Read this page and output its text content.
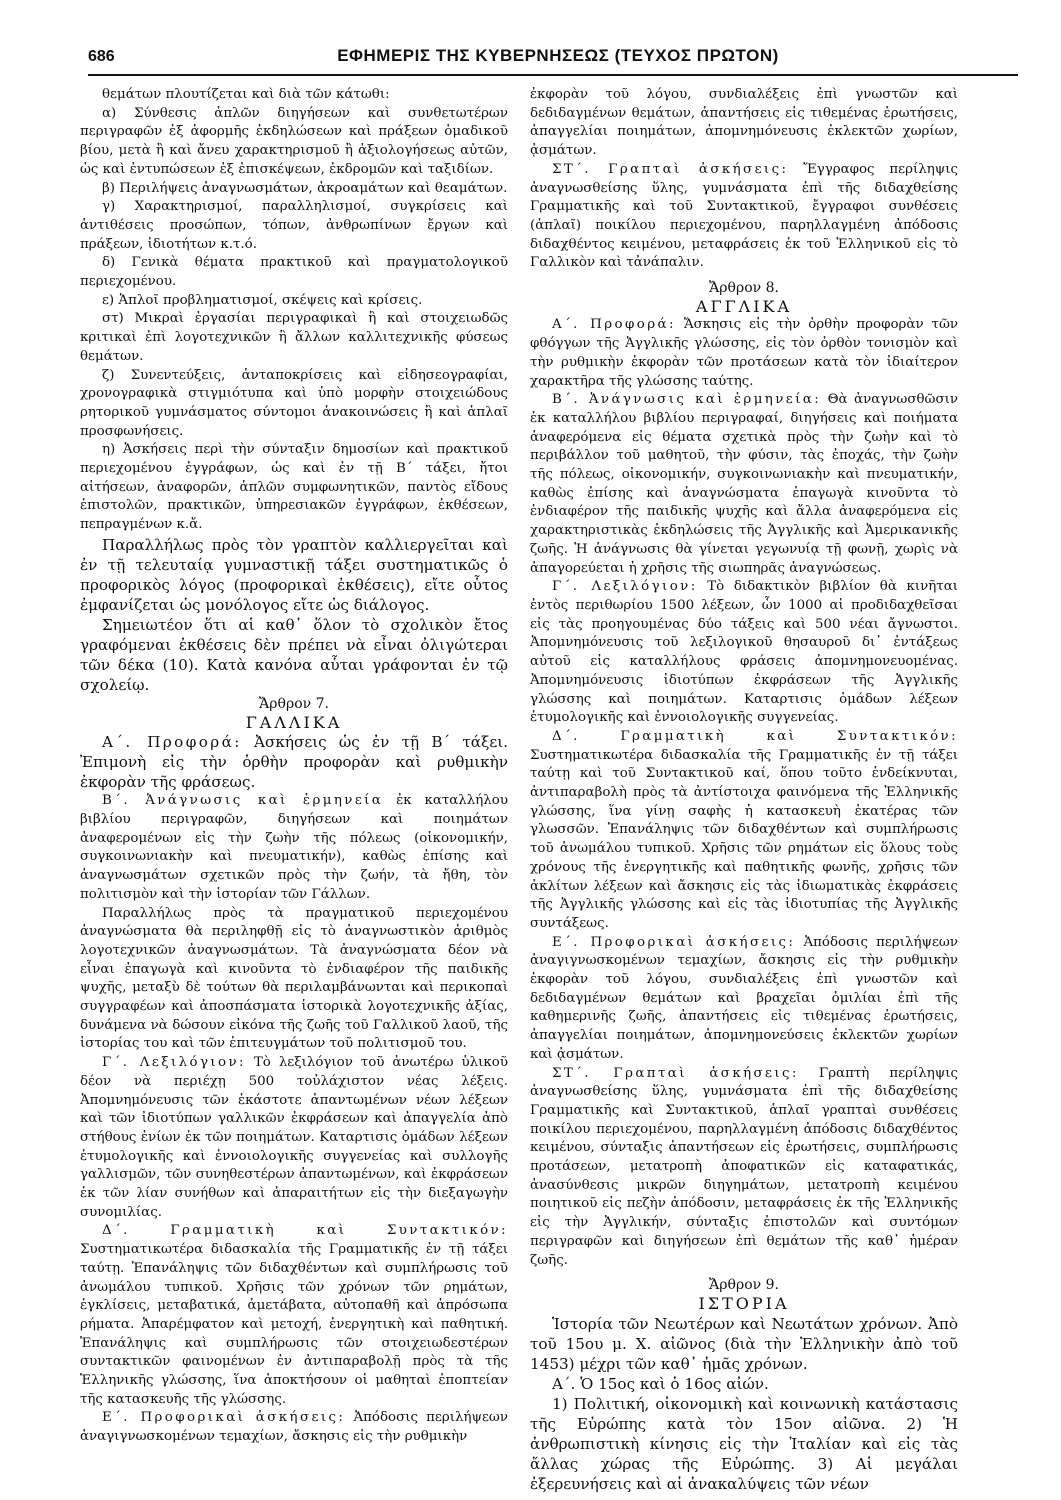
686	ΕΦΗΜΕΡΙΣ ΤΗΣ ΚΥΒΕΡΝΗΣΕΩΣ (ΤΕΥΧΟΣ ΠΡΩΤΟΝ)

θεμάτων πλουτίζεται καὶ διὰ τῶν κάτωθι:

α) Σύνθεσις ἁπλῶν διηγήσεων καὶ συνθετωτέρων περιγραφῶν ἐξ ἀφορμῆς ἐκδηλώσεων καὶ πράξεων ὁμαδικοῦ βίου, μετὰ ἢ καὶ ἄνευ χαρακτηρισμοῦ ἢ ἀξιολογήσεως αὐτῶν, ὡς καὶ ἐντυπώσεων ἐξ ἐπισκέψεων, ἐκδρομῶν καὶ ταξιδίων.

β) Περιλήψεις ἀναγνωσμάτων, ἀκροαμάτων καὶ θεαμάτων.

γ) Χαρακτηρισμοί, παραλληλισμοί, συγκρίσεις καὶ ἀντιθέσεις προσώπων, τόπων, ἀνθρωπίνων ἔργων καὶ πράξεων, ἰδιοτήτων κ.τ.ό.

δ) Γενικὰ θέματα πρακτικοῦ καὶ πραγματολογικοῦ περιεχομένου.

ε) Ἁπλοῖ προβληματισμοί, σκέψεις καὶ κρίσεις.

στ) Μικραὶ ἐργασίαι περιγραφικαὶ ἢ καὶ στοιχειωδῶς κριτικαὶ ἐπὶ λογοτεχνικῶν ἢ ἄλλων καλλιτεχνικῆς φύσεως θεμάτων.

ζ) Συνεντεύξεις, ἀνταποκρίσεις καὶ εἰδησεογραφίαι, χρονογραφικὰ στιγμιότυπα καὶ ὑπὸ μορφὴν στοιχειώδους ρητορικοῦ γυμνάσματος σύντομοι ἀνακοινώσεις ἢ καὶ ἁπλαῖ προσφωνήσεις.

η) Ἀσκήσεις περὶ τὴν σύνταξιν δημοσίων καὶ πρακτικοῦ περιεχομένου ἐγγράφων, ὡς καὶ ἐν τῇ Β΄ τάξει, ἤτοι αἰτήσεων, ἀναφορῶν, ἁπλῶν συμφωνητικῶν, παντὸς εἴδους ἐπιστολῶν, πρακτικῶν, ὑπηρεσιακῶν ἐγγράφων, ἐκθέσεων, πεπραγμένων κ.ἄ.

Παραλλήλως πρὸς τὸν γραπτὸν καλλιεργεῖται καὶ ἐν τῇ τελευταίᾳ γυμναστικῇ τάξει συστηματικῶς ὁ προφορικὸς λόγος (προφορικαὶ ἐκθέσεις), εἴτε οὗτος ἐμφανίζεται ὡς μονόλογος εἴτε ὡς διάλογος.

Σημειωτέον ὅτι αἱ καθ᾽ ὅλον τὸ σχολικὸν ἔτος γραφόμεναι ἐκθέσεις δὲν πρέπει νὰ εἶναι ὀλιγώτεραι τῶν δέκα (10). Κατὰ κανόνα αὗται γράφονται ἐν τῷ σχολείῳ.

Ἄρθρον 7.

ΓΑΛΛΙΚΑ

Α΄. Προφορά: Ἀσκήσεις ὡς ἐν τῇ Β΄ τάξει. Ἐπιμονὴ εἰς τὴν ὀρθὴν προφορὰν καὶ ρυθμικὴν ἐκφορὰν τῆς φράσεως.

Β΄. Ἀνάγνωσις καὶ ἑρμηνεία ἐκ καταλλήλου βιβλίου περιγραφῶν, διηγήσεων καὶ ποιημάτων ἀναφερομένων εἰς τὴν ζωὴν τῆς πόλεως (οἰκονομικήν, συγκοινωνιακὴν καὶ πνευματικήν), καθὼς ἐπίσης καὶ ἀναγνωσμάτων σχετικῶν πρὸς τὴν ζωήν, τὰ ἤθη, τὸν πολιτισμὸν καὶ τὴν ἱστορίαν τῶν Γάλλων.

Παραλλήλως πρὸς τὰ πραγματικοῦ περιεχομένου ἀναγνώσματα θὰ περιληφθῇ εἰς τὸ ἀναγνωστικὸν ἀριθμὸς λογοτεχνικῶν ἀναγνωσμάτων. Τὰ ἀναγνώσματα δέον νὰ εἶναι ἐπαγωγὰ καὶ κινοῦντα τὸ ἐνδιαφέρον τῆς παιδικῆς ψυχῆς, μεταξὺ δὲ τούτων θὰ περιλαμβάνωνται καὶ περικοπαὶ συγγραφέων καὶ ἀποσπάσματα ἱστορικὰ λογοτεχνικῆς ἀξίας, δυνάμενα νὰ δώσουν εἰκόνα τῆς ζωῆς τοῦ Γαλλικοῦ λαοῦ, τῆς ἱστορίας του καὶ τῶν ἐπιτευγμάτων τοῦ πολιτισμοῦ του.

Γ΄. Λεξιλόγιον: Τὸ λεξιλόγιον τοῦ ἀνωτέρω ὑλικοῦ δέον νὰ περιέχῃ 500 τοὐλάχιστον νέας λέξεις. Ἀπομνημόνευσις τῶν ἑκάστοτε ἀπαντωμένων νέων λέξεων καὶ τῶν ἰδιοτύπων γαλλικῶν ἐκφράσεων καὶ ἀπαγγελία ἀπὸ στήθους ἐνίων ἐκ τῶν ποιημάτων. Καταρτισις ὁμάδων λέξεων ἐτυμολογικῆς καὶ ἐννοιολογικῆς συγγενείας καὶ συλλογῆς γαλλισμῶν, τῶν συνηθεστέρων ἀπαντωμένων, καὶ ἐκφράσεων ἐκ τῶν λίαν συνήθων καὶ ἀπαραιτήτων εἰς τὴν διεξαγωγὴν συνομιλίας.

Δ΄. Γραμματικὴ καὶ Συντακτικόν: Συστηματικωτέρα διδασκαλία τῆς Γραμματικῆς ἐν τῇ τάξει ταύτῃ. Ἐπανάληψις τῶν διδαχθέντων καὶ συμπλήρωσις τοῦ ἀνωμάλου τυπικοῦ. Χρῆσις τῶν χρόνων τῶν ρημάτων, ἐγκλίσεις, μεταβατικά, ἀμετάβατα, αὐτοπαθῆ καὶ ἀπρόσωπα ρήματα. Ἀπαρέμφατον καὶ μετοχή, ἐνεργητικὴ καὶ παθητική. Ἐπανάληψις καὶ συμπλήρωσις τῶν στοιχειωδεστέρων συντακτικῶν φαινομένων ἐν ἀντιπαραβολῇ πρὸς τὰ τῆς Ἑλληνικῆς γλώσσης, ἵνα ἀποκτήσουν οἱ μαθηταὶ ἐποπτείαν τῆς κατασκευῆς τῆς γλώσσης.

Ε΄. Προφορικαὶ ἀσκήσεις: Ἀπόδοσις περιλήψεων ἀναγιγνωσκομένων τεμαχίων, ἄσκησις εἰς τὴν ρυθμικὴν

ἐκφορὰν τοῦ λόγου, συνδιαλέξεις ἐπὶ γνωστῶν καὶ δεδιδαγμένων θεμάτων, ἀπαντήσεις εἰς τιθεμένας ἐρωτήσεις, ἀπαγγελίαι ποιημάτων, ἀπομνημόνευσις ἐκλεκτῶν χωρίων, ᾀσμάτων.

ΣΤ΄. Γραπταὶ ἀσκήσεις: Ἔγγραφος περίληψις ἀναγνωσθείσης ὕλης, γυμνάσματα ἐπὶ τῆς διδαχθείσης Γραμματικῆς καὶ τοῦ Συντακτικοῦ, ἔγγραφοι συνθέσεις (ἁπλαῖ) ποικίλου περιεχομένου, παρηλλαγμένη ἀπόδοσις διδαχθέντος κειμένου, μεταφράσεις ἐκ τοῦ Ἑλληνικοῦ εἰς τὸ Γαλλικὸν καὶ τἀνάπαλιν.

Ἄρθρον 8.

ΑΓΓΛΙΚΑ

Α΄. Προφορά: Ἄσκησις εἰς τὴν ὀρθὴν προφορὰν τῶν φθόγγων τῆς Ἀγγλικῆς γλώσσης, εἰς τὸν ὀρθὸν τονισμὸν καὶ τὴν ρυθμικὴν ἐκφορὰν τῶν προτάσεων κατὰ τὸν ἰδιαίτερον χαρακτῆρα τῆς γλώσσης ταύτης.

Β΄. Ἀνάγνωσις καὶ ἑρμηνεία: Θὰ ἀναγνωσθῶσιν ἐκ καταλλήλου βιβλίου περιγραφαί, διηγήσεις καὶ ποιήματα ἀναφερόμενα εἰς θέματα σχετικὰ πρὸς τὴν ζωὴν καὶ τὸ περιβάλλον τοῦ μαθητοῦ, τὴν φύσιν, τὰς ἐποχάς, τὴν ζωὴν τῆς πόλεως, οἰκονομικήν, συγκοινωνιακὴν καὶ πνευματικήν, καθὼς ἐπίσης καὶ ἀναγνώσματα ἐπαγωγὰ κινοῦντα τὸ ἐνδιαφέρον τῆς παιδικῆς ψυχῆς καὶ ἄλλα ἀναφερόμενα εἰς χαρακτηριστικὰς ἐκδηλώσεις τῆς Ἀγγλικῆς καὶ Ἀμερικανικῆς ζωῆς. Ἡ ἀνάγνωσις θὰ γίνεται γεγωνυίᾳ τῇ φωνῇ, χωρὶς νὰ ἀπαγορεύεται ἡ χρῆσις τῆς σιωπηρᾶς ἀναγνώσεως.

Γ΄. Λεξιλόγιον: Τὸ διδακτικὸν βιβλίον θὰ κινῆται ἐντὸς περιθωρίου 1500 λέξεων, ὧν 1000 αἱ προδιδαχθεῖσαι εἰς τὰς προηγουμένας δύο τάξεις καὶ 500 νέαι ἄγνωστοι. Ἀπομνημόνευσις τοῦ λεξιλογικοῦ θησαυροῦ δι᾽ ἐντάξεως αὐτοῦ εἰς καταλλήλους φράσεις ἀπομνημονευομένας. Ἀπομνημόνευσις ἰδιοτύπων ἐκφράσεων τῆς Ἀγγλικῆς γλώσσης καὶ ποιημάτων. Καταρτισις ὁμάδων λέξεων ἐτυμολογικῆς καὶ ἐννοιολογικῆς συγγενείας.

Δ΄. Γραμματικὴ καὶ Συντακτικόν: Συστηματικωτέρα διδασκαλία τῆς Γραμματικῆς ἐν τῇ τάξει ταύτῃ καὶ τοῦ Συντακτικοῦ καί, ὅπου τοῦτο ἐνδείκνυται, ἀντιπαραβολὴ πρὸς τὰ ἀντίστοιχα φαινόμενα τῆς Ἑλληνικῆς γλώσσης, ἵνα γίνῃ σαφὴς ἡ κατασκευὴ ἑκατέρας τῶν γλωσσῶν. Ἐπανάληψις τῶν διδαχθέντων καὶ συμπλήρωσις τοῦ ἀνωμάλου τυπικοῦ. Χρῆσις τῶν ρημάτων εἰς ὅλους τοὺς χρόνους τῆς ἐνεργητικῆς καὶ παθητικῆς φωνῆς, χρῆσις τῶν ἀκλίτων λέξεων καὶ ἄσκησις εἰς τὰς ἰδιωματικὰς ἐκφράσεις τῆς Ἀγγλικῆς γλώσσης καὶ εἰς τὰς ἰδιοτυπίας τῆς Ἀγγλικῆς συντάξεως.

Ε΄. Προφορικαὶ ἀσκήσεις: Ἀπόδοσις περιλήψεων ἀναγιγνωσκομένων τεμαχίων, ἄσκησις εἰς τὴν ρυθμικὴν ἐκφορὰν τοῦ λόγου, συνδιαλέξεις ἐπὶ γνωστῶν καὶ δεδιδαγμένων θεμάτων καὶ βραχεῖαι ὁμιλίαι ἐπὶ τῆς καθημερινῆς ζωῆς, ἀπαντήσεις εἰς τιθεμένας ἐρωτήσεις, ἀπαγγελίαι ποιημάτων, ἀπομνημονεύσεις ἐκλεκτῶν χωρίων καὶ ᾀσμάτων.

ΣΤ΄. Γραπταὶ ἀσκήσεις: Γραπτὴ περίληψις ἀναγνωσθείσης ὕλης, γυμνάσματα ἐπὶ τῆς διδαχθείσης Γραμματικῆς καὶ Συντακτικοῦ, ἁπλαῖ γραπταὶ συνθέσεις ποικίλου περιεχομένου, παρηλλαγμένη ἀπόδοσις διδαχθέντος κειμένου, σύνταξις ἀπαντήσεων εἰς ἐρωτήσεις, συμπλήρωσις προτάσεων, μετατροπὴ ἀποφατικῶν εἰς καταφατικάς, ἀνασύνθεσις μικρῶν διηγημάτων, μετατροπὴ κειμένου ποιητικοῦ εἰς πεζὴν ἀπόδοσιν, μεταφράσεις ἐκ τῆς Ἑλληνικῆς εἰς τὴν Ἀγγλικήν, σύνταξις ἐπιστολῶν καὶ συντόμων περιγραφῶν καὶ διηγήσεων ἐπὶ θεμάτων τῆς καθ᾽ ἡμέραν ζωῆς.

Ἄρθρον 9.

ΙΣΤΟΡΙΑ

Ἱστορία τῶν Νεωτέρων καὶ Νεωτάτων χρόνων. Ἀπὸ τοῦ 15ου μ. Χ. αἰῶνος (διὰ τὴν Ἑλληνικὴν ἀπὸ τοῦ 1453) μέχρι τῶν καθ᾽ ἡμᾶς χρόνων.

Α΄. Ὁ 15ος καὶ ὁ 16ος αἰών.

1) Πολιτική, οἰκονομικὴ καὶ κοινωνικὴ κατάστασις τῆς Εὐρώπης κατὰ τὸν 15ον αἰῶνα. 2) Ἡ ἀνθρωπιστικὴ κίνησις εἰς τὴν Ἰταλίαν καὶ εἰς τὰς ἄλλας χώρας τῆς Εὐρώπης. 3) Αἱ μεγάλαι ἐξερευνήσεις καὶ αἱ ἀνακαλύψεις τῶν νέων
